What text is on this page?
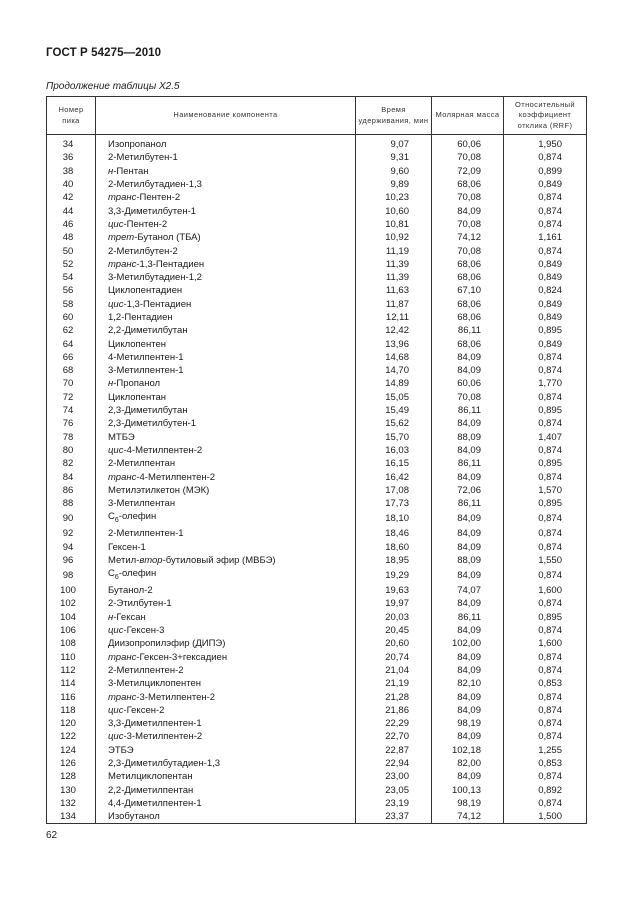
ГОСТ Р 54275—2010
Продолжение таблицы Х2.5
Номер пика	Наименование компонента	Время удерживания, мин	Молярная масса	Относительный коэффициент отклика (RRF)
34	Изопропанол	9,07	60,06	1,950
36	2-Метилбутен-1	9,31	70,08	0,874
38	н-Пентан	9,60	72,09	0,899
40	2-Метилбутадиен-1,3	9,89	68,06	0,849
42	транс-Пентен-2	10,23	70,08	0,874
44	3,3-Диметилбутен-1	10,60	84,09	0,874
46	цис-Пентен-2	10,81	70,08	0,874
48	трет-Бутанол (ТБА)	10,92	74,12	1,161
50	2-Метилбутен-2	11,19	70,08	0,874
52	транс-1,3-Пентадиен	11,39	68,06	0,849
54	3-Метилбутадиен-1,2	11,39	68,06	0,849
56	Циклопентадиен	11,63	67,10	0,824
58	цис-1,3-Пентадиен	11,87	68,06	0,849
60	1,2-Пентадиен	12,11	68,06	0,849
62	2,2-Диметилбутан	12,42	86,11	0,895
64	Циклопентен	13,96	68,06	0,849
66	4-Метилпентен-1	14,68	84,09	0,874
68	3-Метилпентен-1	14,70	84,09	0,874
70	н-Пропанол	14,89	60,06	1,770
72	Циклопентан	15,05	70,08	0,874
74	2,3-Диметилбутан	15,49	86,11	0,895
76	2,3-Диметилбутен-1	15,62	84,09	0,874
78	МТБЭ	15,70	88,09	1,407
80	цис-4-Метилпентен-2	16,03	84,09	0,874
82	2-Метилпентан	16,15	86,11	0,895
84	транс-4-Метилпентен-2	16,42	84,09	0,874
86	Метилэтилкетон (МЭК)	17,08	72,06	1,570
88	3-Метилпентан	17,73	86,11	0,895
90	$С_6$-олефин	18,10	84,09	0,874
92	2-Метилпентен-1	18,46	84,09	0,874
94	Гексен-1	18,60	84,09	0,874
96	Метил-втор-бутиловый эфир (МВБЭ)	18,95	88,09	1,550
98	$С_6$-олефин	19,29	84,09	0,874
100	Бутанол-2	19,63	74,07	1,600
102	2-Этилбутен-1	19,97	84,09	0,874
104	н-Гексан	20,03	86,11	0,895
106	цис-Гексен-3	20,45	84,09	0,874
108	Диизопропилэфир (ДИПЭ)	20,60	102,00	1,600
110	транс-Гексен-3+гексадиен	20,74	84,09	0,874
112	2-Метилпентен-2	21,04	84,09	0,874
114	3-Метилциклопентен	21,19	82,10	0,853
116	транс-3-Метилпентен-2	21,28	84,09	0,874
118	цис-Гексен-2	21,86	84,09	0,874
120	3,3-Диметилпентен-1	22,29	98,19	0,874
122	цис-3-Метилпентен-2	22,70	84,09	0,874
124	ЭТБЭ	22,87	102,18	1,255
126	2,3-Диметилбутадиен-1,3	22,94	82,00	0,853
128	Метилциклопентан	23,00	84,09	0,874
130	2,2-Диметилпентан	23,05	100,13	0,892
132	4,4-Диметилпентен-1	23,19	98,19	0,874
134	Изобутанол	23,37	74,12	1,500
62
